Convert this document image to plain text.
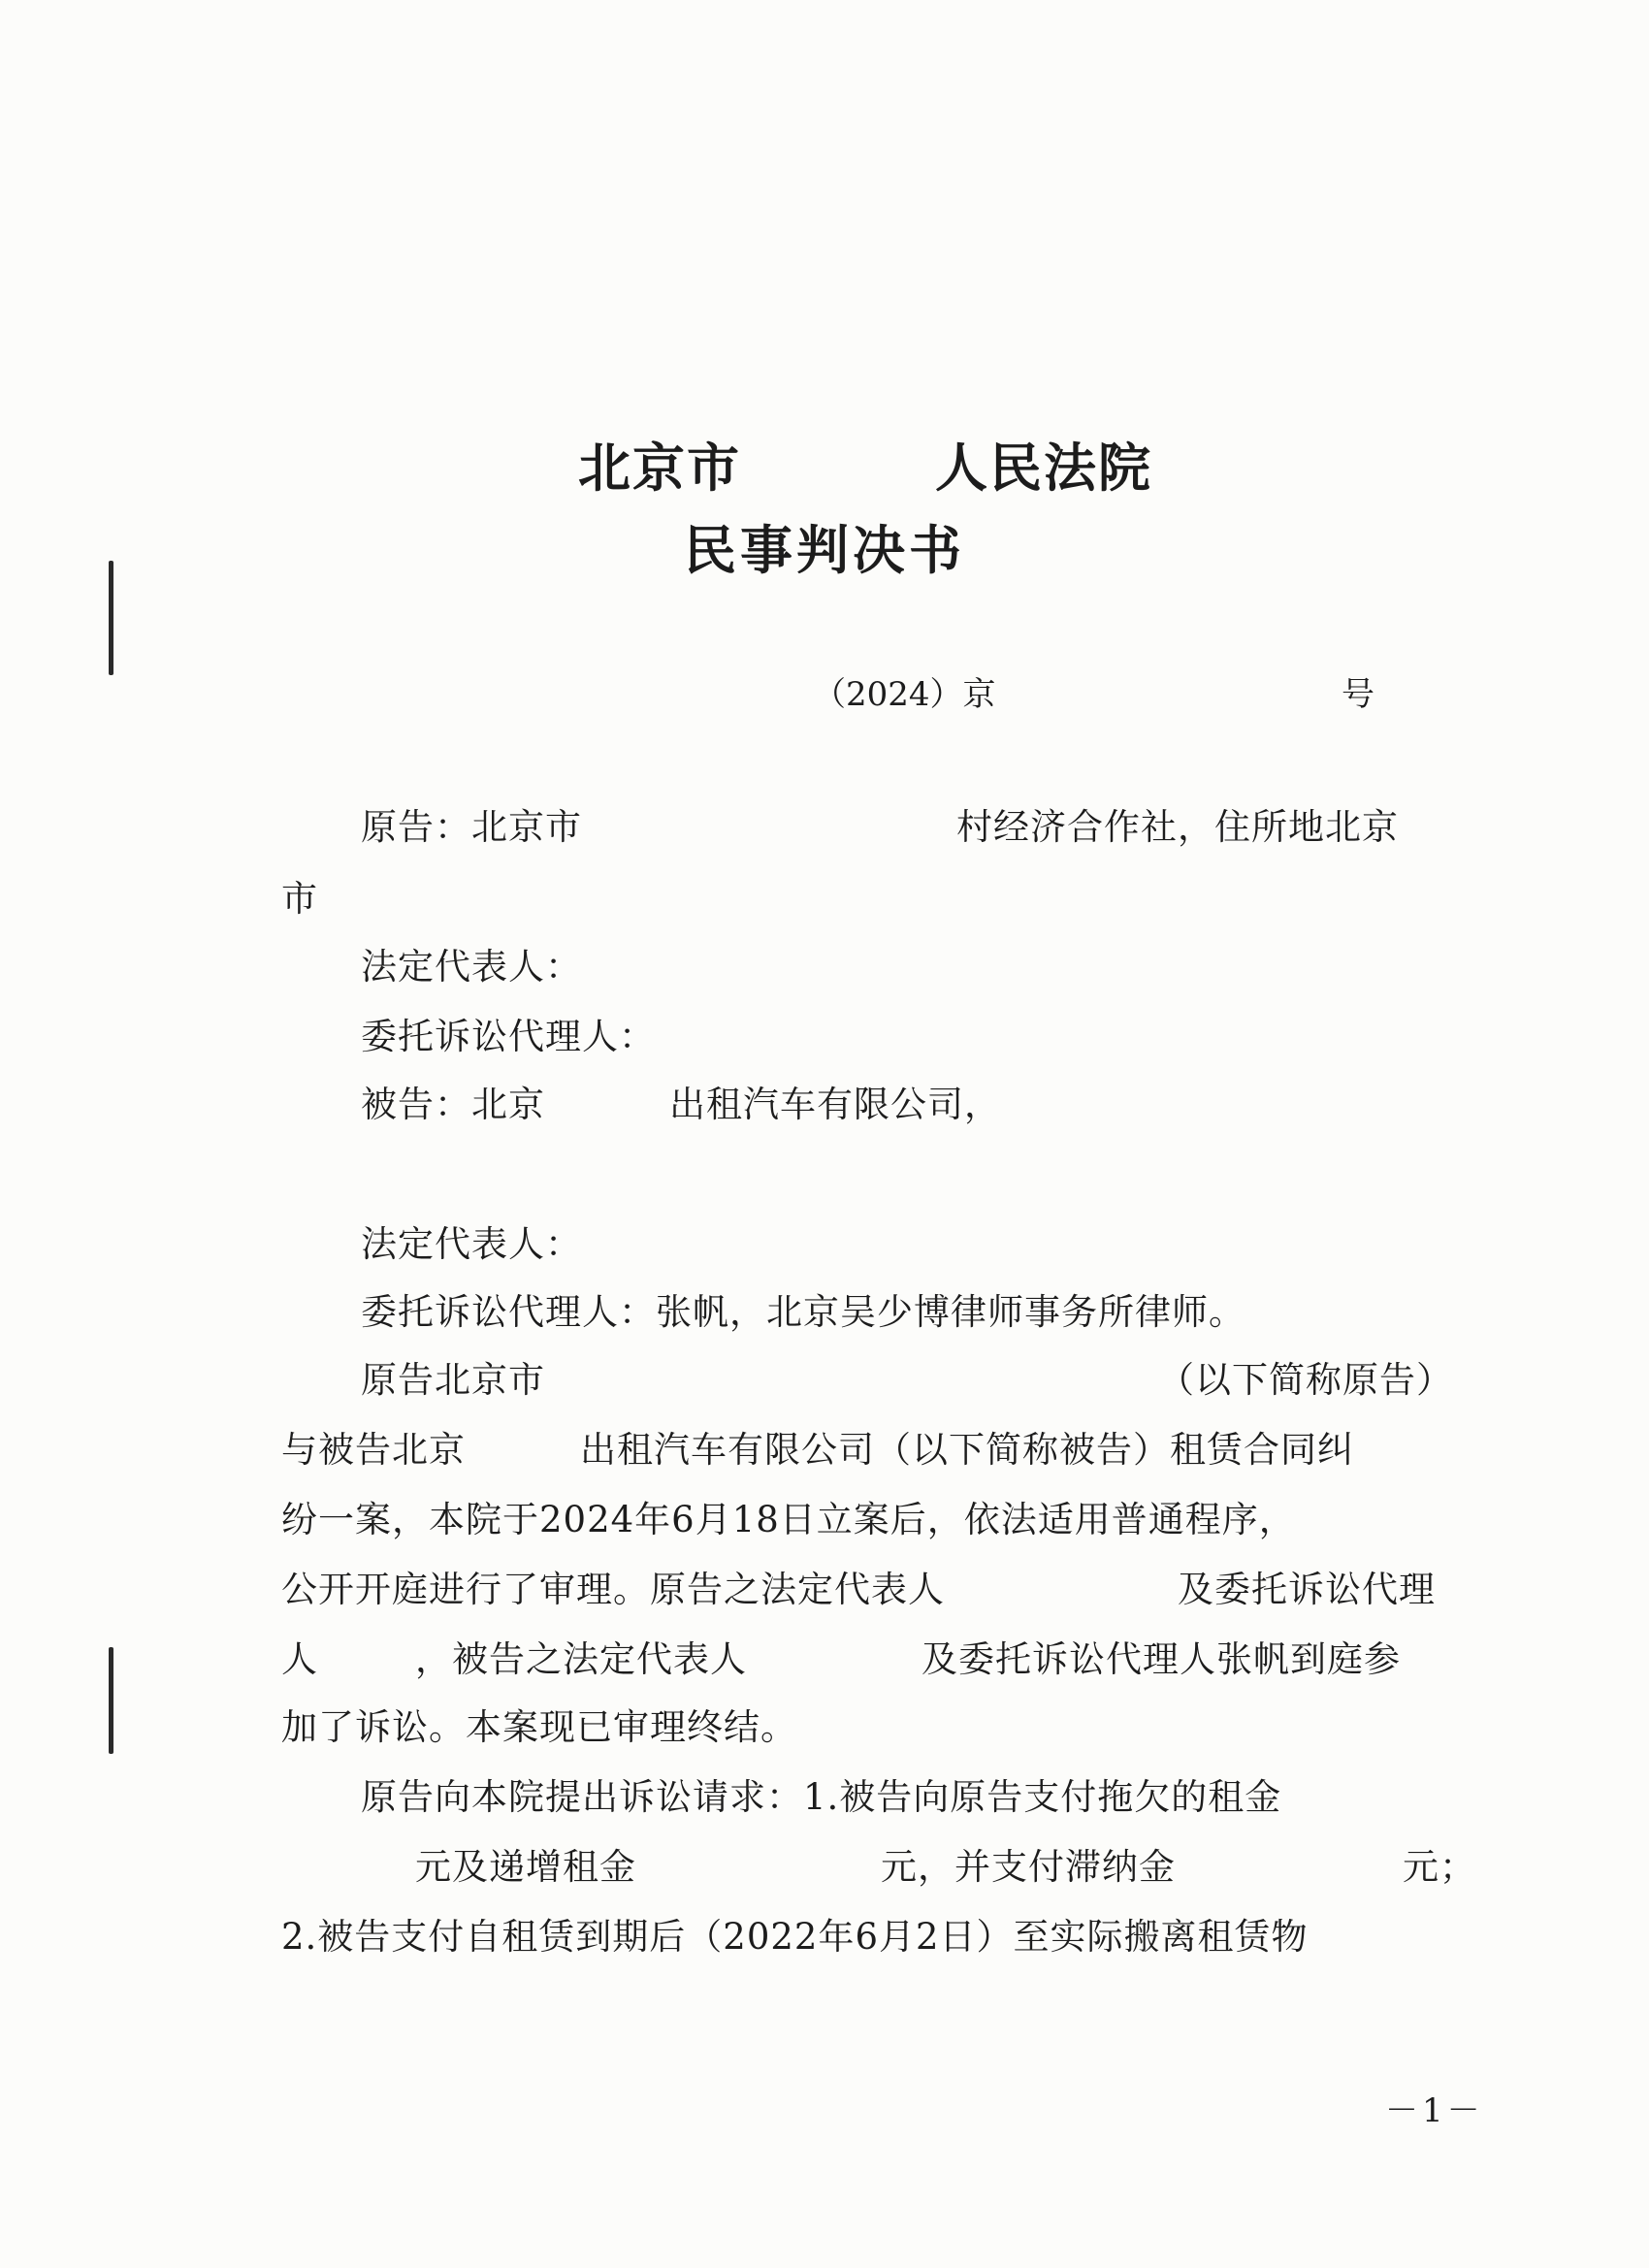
北京市	人民法院
民事判决书
（2024）京	号
原告：北京市	村经济合作社，住所地北京
市
法定代表人：
委托诉讼代理人：
被告：北京	出租汽车有限公司，
法定代表人：
委托诉讼代理人：张帆，北京吴少博律师事务所律师。
原告北京市	（以下简称原告）
与被告北京	出租汽车有限公司（以下简称被告）租赁合同纠
纷一案，本院于2024年6月18日立案后，依法适用普通程序，
公开开庭进行了审理。原告之法定代表人	及委托诉讼代理
人	，被告之法定代表人	及委托诉讼代理人张帆到庭参
加了诉讼。本案现已审理终结。
原告向本院提出诉讼请求：1.被告向原告支付拖欠的租金
元及递增租金	元，并支付滞纳金	元；
2.被告支付自租赁到期后（2022年6月2日）至实际搬离租赁物
－1－
